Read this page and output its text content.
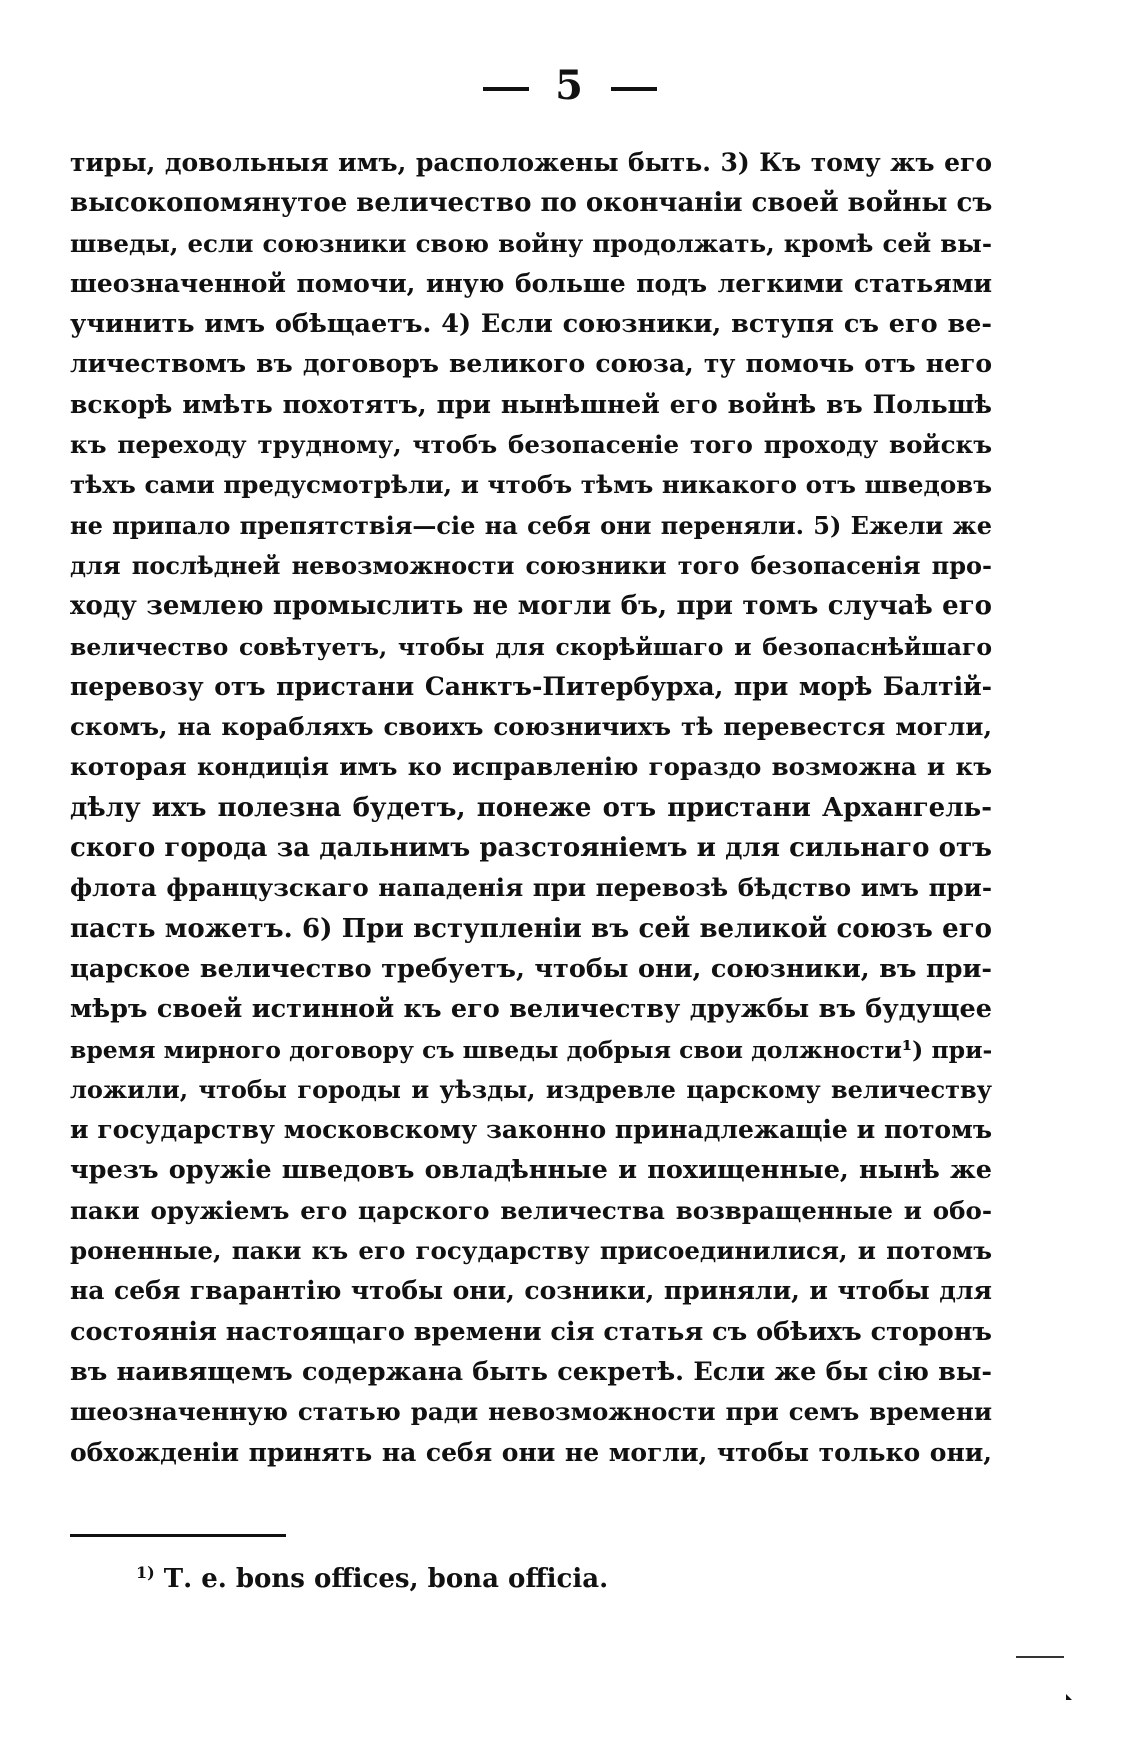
5
тиры, довольныя имъ, расположены быть. 3) Къ тому жъ его
высокопомянутое величество по окончаніи своей войны съ
шведы, если союзники свою войну продолжать, кромѣ сей вы-
шеозначенной помочи, иную больше подъ легкими статьями
учинить имъ обѣщаетъ. 4) Если союзники, вступя съ его ве-
личествомъ въ договоръ великого союза, ту помочь отъ него
вскорѣ имѣть похотятъ, при нынѣшней его войнѣ въ Польшѣ
къ переходу трудному, чтобъ безопасеніе того проходу войскъ
тѣхъ сами предусмотрѣли, и чтобъ тѣмъ никакого отъ шведовъ
не припало препятствія—сіе на себя они переняли. 5) Ежели же
для послѣдней невозможности союзники того безопасенія про-
ходу землею промыслить не могли бъ, при томъ случаѣ его
величество совѣтуетъ, чтобы для скорѣйшаго и безопаснѣйшаго
перевозу отъ пристани Санктъ-Питербурха, при морѣ Балтій-
скомъ, на корабляхъ своихъ союзничихъ тѣ перевестся могли,
которая кондиція имъ ко исправленію гораздо возможна и къ
дѣлу ихъ полезна будетъ, понеже отъ пристани Архангель-
ского города за дальнимъ разстояніемъ и для сильнаго отъ
флота французскаго нападенія при перевозѣ бѣдство имъ при-
пасть можетъ. 6) При вступленіи въ сей великой союзъ его
царское величество требуетъ, чтобы они, союзники, въ при-
мѣръ своей истинной къ его величеству дружбы въ будущее
время мирного договору съ шведы добрыя свои должности¹) при-
ложили, чтобы городы и уѣзды, издревле царскому величеству
и государству московскому законно принадлежащіе и потомъ
чрезъ оружіе шведовъ овладѣнные и похищенные, нынѣ же
паки оружіемъ его царского величества возвращенные и обо-
роненные, паки къ его государству присоединилися, и потомъ
на себя гварантію чтобы они, созники, приняли, и чтобы для
состоянія настоящаго времени сія статья съ обѣихъ сторонъ
въ наивящемъ содержана быть секретѣ. Если же бы сію вы-
шеозначенную статью ради невозможности при семъ времени
обхожденіи принять на себя они не могли, чтобы только они,
$^{1)}$ Т. е. bons offices, bona officia.
